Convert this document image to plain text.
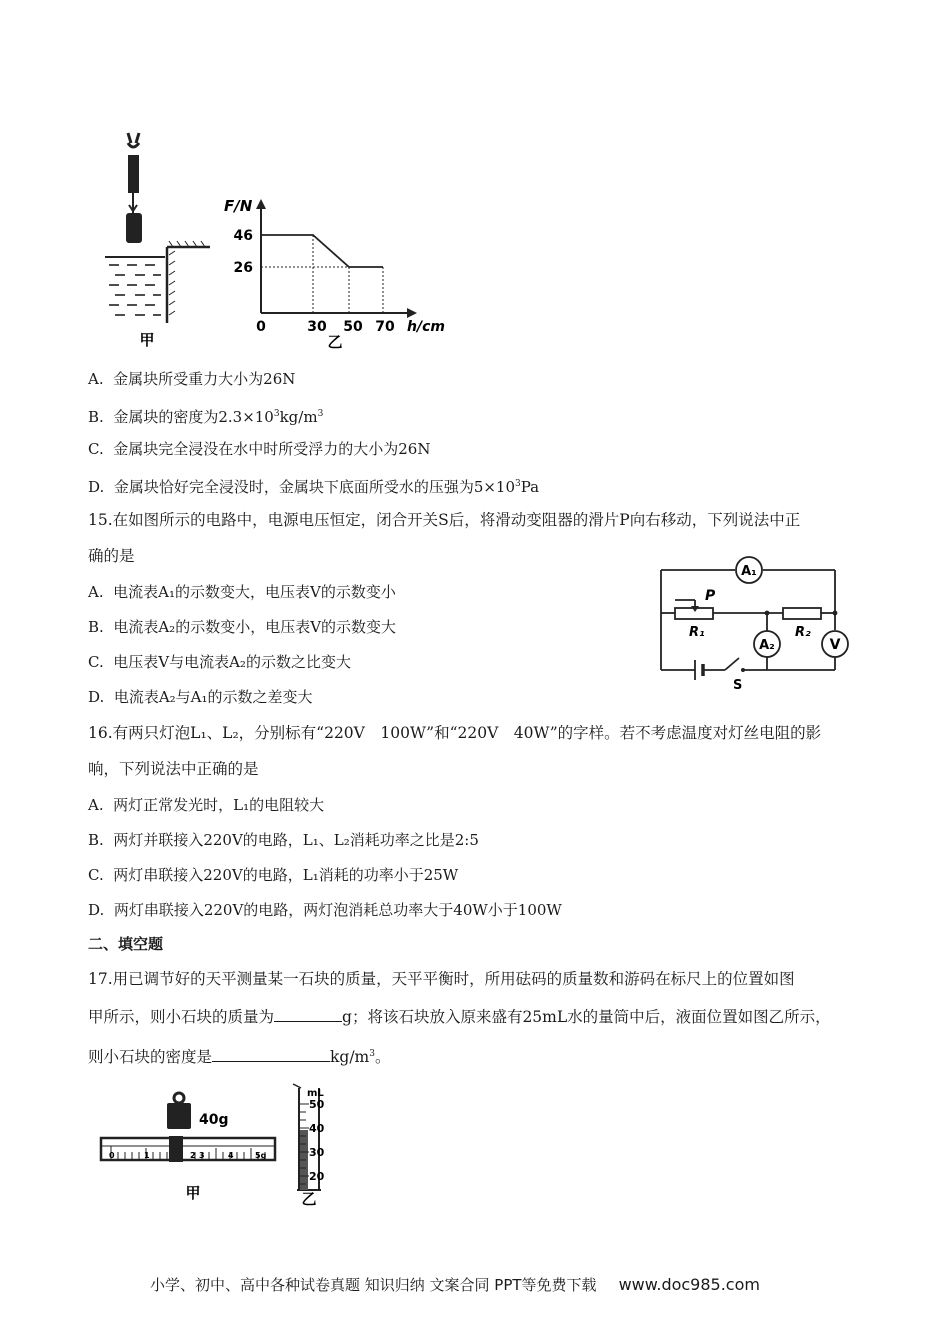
甲
F/N
46
26
0	30 50 70 h/cm
乙
A. 金属块所受重力大小为26N
B. 金属块的密度为$2.3\times 10^3kg/m^3$
C. 金属块完全浸没在水中时所受浮力的大小为26N
D. 金属块恰好完全浸没时，金属块下底面所受水的压强为$5\times 10^3Pa$
15.在如图所示的电路中，电源电压恒定，闭合开关S后，将滑动变阻器的滑片P向右移动，下列说法中正
确的是
A. 电流表A₁的示数变大，电压表V的示数变小
B. 电流表A₂的示数变小，电压表V的示数变大
C. 电压表V与电流表A₂的示数之比变大
D. 电流表A₂与A₁的示数之差变大
A₁
P
R₁	R₂
A₂	V
S
16.有两只灯泡L₁、L₂，分别标有“220V　100W”和“220V　40W”的字样。若不考虑温度对灯丝电阻的影
响，下列说法中正确的是
A. 两灯正常发光时，L₁的电阻较大
B. 两灯并联接入220V的电路，L₁、L₂消耗功率之比是2:5
C. 两灯串联接入220V的电路，L₁消耗的功率小于25W
D. 两灯串联接入220V的电路，两灯泡消耗总功率大于40W小于100W
二、填空题
17.用已调节好的天平测量某一石块的质量，天平平衡时，所用砝码的质量数和游码在标尺上的位置如图
甲所示，则小石块的质量为	g；将该石块放入原来盛有25mL水的量筒中后，液面位置如图乙所示，
则小石块的密度是	$kg/m^3$。
40g
0	1	2 3	4	5g
甲
mL
50
40
30
20
乙
小学、初中、高中各种试卷真题 知识归纳 文案合同 PPT等免费下载 www.doc985.com
